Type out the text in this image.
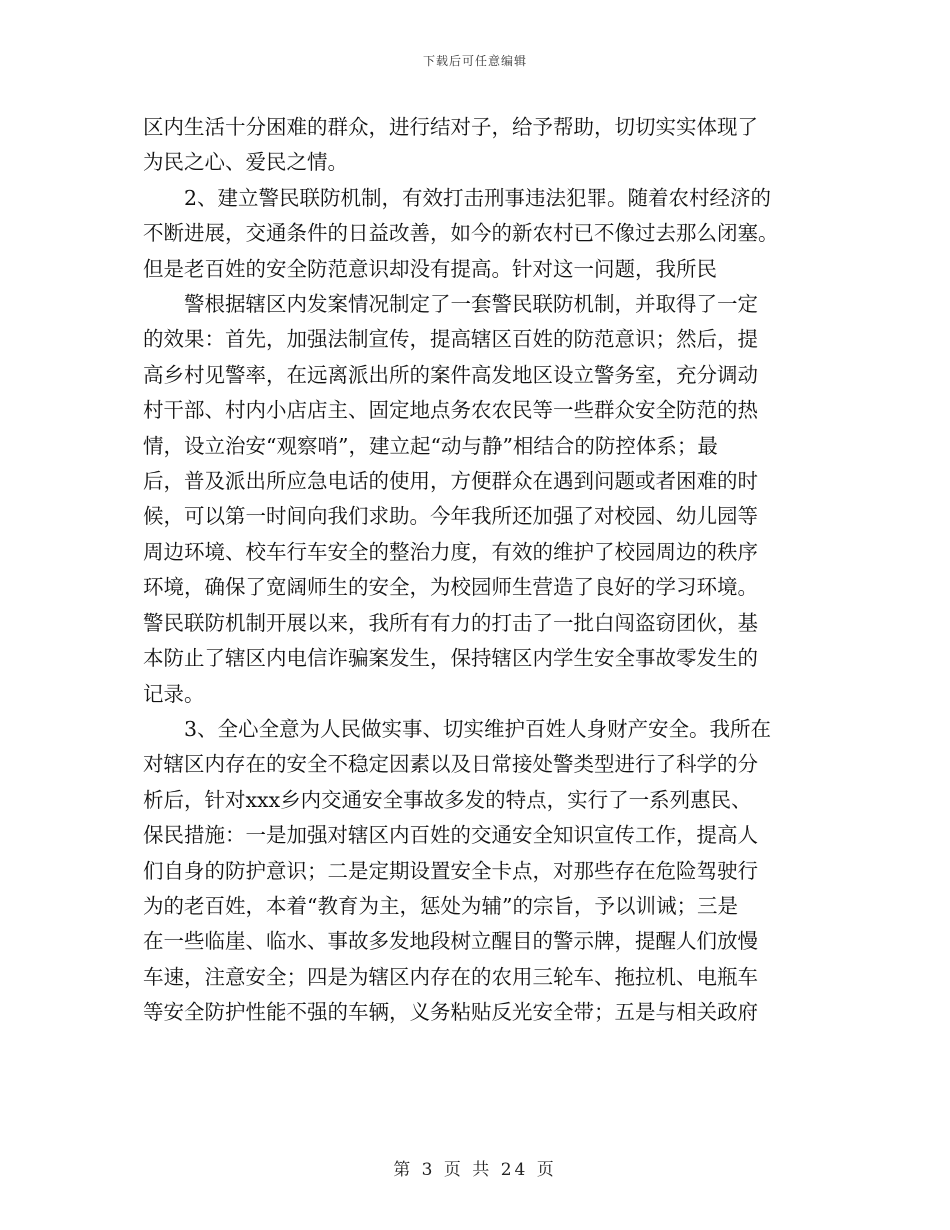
下载后可任意编辑

区内生活十分困难的群众，进行结对子，给予帮助，切切实实体现了

为民之心、爱民之情。

2、建立警民联防机制，有效打击刑事违法犯罪。随着农村经济的

不断进展，交通条件的日益改善，如今的新农村已不像过去那么闭塞。

但是老百姓的安全防范意识却没有提高。针对这一问题，我所民

警根据辖区内发案情况制定了一套警民联防机制，并取得了一定

的效果：首先，加强法制宣传，提高辖区百姓的防范意识；然后，提

高乡村见警率，在远离派出所的案件高发地区设立警务室，充分调动

村干部、村内小店店主、固定地点务农农民等一些群众安全防范的热

情，设立治安“观察哨”，建立起“动与静”相结合的防控体系；最

后，普及派出所应急电话的使用，方便群众在遇到问题或者困难的时

候，可以第一时间向我们求助。今年我所还加强了对校园、幼儿园等

周边环境、校车行车安全的整治力度，有效的维护了校园周边的秩序

环境，确保了宽阔师生的安全，为校园师生营造了良好的学习环境。

警民联防机制开展以来，我所有有力的打击了一批白闯盗窃团伙，基

本防止了辖区内电信诈骗案发生，保持辖区内学生安全事故零发生的

记录。

3、全心全意为人民做实事、切实维护百姓人身财产安全。我所在

对辖区内存在的安全不稳定因素以及日常接处警类型进行了科学的分

析后，针对xxx乡内交通安全事故多发的特点，实行了一系列惠民、

保民措施：一是加强对辖区内百姓的交通安全知识宣传工作，提高人

们自身的防护意识；二是定期设置安全卡点，对那些存在危险驾驶行

为的老百姓，本着“教育为主，惩处为辅”的宗旨，予以训诫；三是

在一些临崖、临水、事故多发地段树立醒目的警示牌，提醒人们放慢

车速，注意安全；四是为辖区内存在的农用三轮车、拖拉机、电瓶车

等安全防护性能不强的车辆，义务粘贴反光安全带；五是与相关政府

第 3 页 共 24 页
